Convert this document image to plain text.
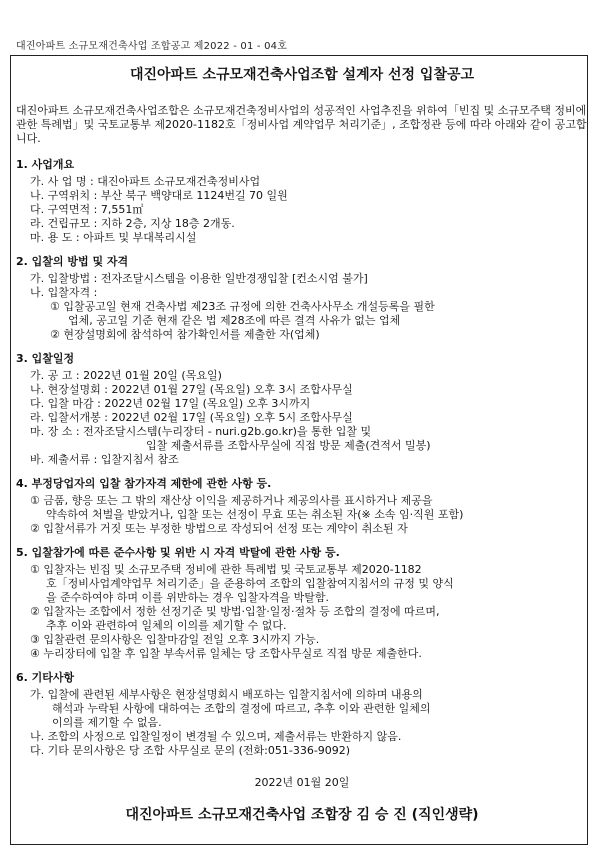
대진아파트 소규모재건축사업 조합공고 제2022 - 01 - 04호
대진아파트 소규모재건축사업조합 설계자 선정 입찰공고
대진아파트 소규모재건축사업조합은 소규모재건축정비사업의 성공적인 사업추진을 위하여「빈집 및 소규모주택 정비에 관한 특례법」및 국토교통부 제2020-1182호「정비사업 계약업무 처리기준」, 조합정관 등에 따라 아래와 같이 공고합니다.
1. 사업개요
가. 사 업 명 : 대진아파트 소규모재건축정비사업
나. 구역위치 : 부산 북구 백양대로 1124번길 70 일원
다. 구역면적 : 7,551㎡
라. 건립규모 : 지하 2층, 지상 18층 2개동.
마. 용 도 : 아파트 및 부대복리시설
2. 입찰의 방법 및 자격
가. 입찰방법 : 전자조달시스템을 이용한 일반경쟁입찰 [컨소시엄 불가]
나. 입찰자격 :
① 입찰공고일 현재 건축사법 제23조 규정에 의한 건축사사무소 개설등록을 필한
업체, 공고일 기준 현재 같은 법 제28조에 따른 결격 사유가 없는 업체
② 현장설명회에 참석하여 참가확인서를 제출한 자(업체)
3. 입찰일정
가. 공 고 : 2022년 01월 20일 (목요일)
나. 현장설명회 : 2022년 01월 27일 (목요일) 오후 3시 조합사무실
다. 입찰 마감 : 2022년 02월 17일 (목요일) 오후 3시까지
라. 입찰서개봉 : 2022년 02월 17일 (목요일) 오후 5시 조합사무실
마. 장 소 : 전자조달시스템(누리장터 - nuri.g2b.go.kr)을 통한 입찰 및
입찰 제출서류를 조합사무실에 직접 방문 제출(견적서 밀봉)
바. 제출서류 : 입찰지침서 참조
4. 부정당업자의 입찰 참가자격 제한에 관한 사항 등.
① 금품, 향응 또는 그 밖의 재산상 이익을 제공하거나 제공의사를 표시하거나 제공을
약속하여 처벌을 받았거나, 입찰 또는 선정이 무효 또는 취소된 자(※ 소속 임·직원 포함)
② 입찰서류가 거짓 또는 부정한 방법으로 작성되어 선정 또는 계약이 취소된 자
5. 입찰참가에 따른 준수사항 및 위반 시 자격 박탈에 관한 사항 등.
① 입찰자는 빈집 및 소규모주택 정비에 관한 특례법 및 국토교통부 제2020-1182
호「정비사업계약업무 처리기준」을 준용하여 조합의 입찰참여지침서의 규정 및 양식
을 준수하여야 하며 이를 위반하는 경우 입찰자격을 박탈함.
② 입찰자는 조합에서 정한 선정기준 및 방법·입찰·일정·절차 등 조합의 결정에 따르며,
추후 이와 관련하여 일체의 이의를 제기할 수 없다.
③ 입찰관련 문의사항은 입찰마감일 전일 오후 3시까지 가능.
④ 누리장터에 입찰 후 입찰 부속서류 일체는 당 조합사무실로 직접 방문 제출한다.
6. 기타사항
가. 입찰에 관련된 세부사항은 현장설명회시 배포하는 입찰지침서에 의하며 내용의
해석과 누락된 사항에 대하여는 조합의 결정에 따르고, 추후 이와 관련한 일체의
이의를 제기할 수 없음.
나. 조합의 사정으로 입찰일정이 변경될 수 있으며, 제출서류는 반환하지 않음.
다. 기타 문의사항은 당 조합 사무실로 문의 (전화:051-336-9092)
2022년 01월 20일
대진아파트 소규모재건축사업 조합장 김 승 진 (직인생략)
